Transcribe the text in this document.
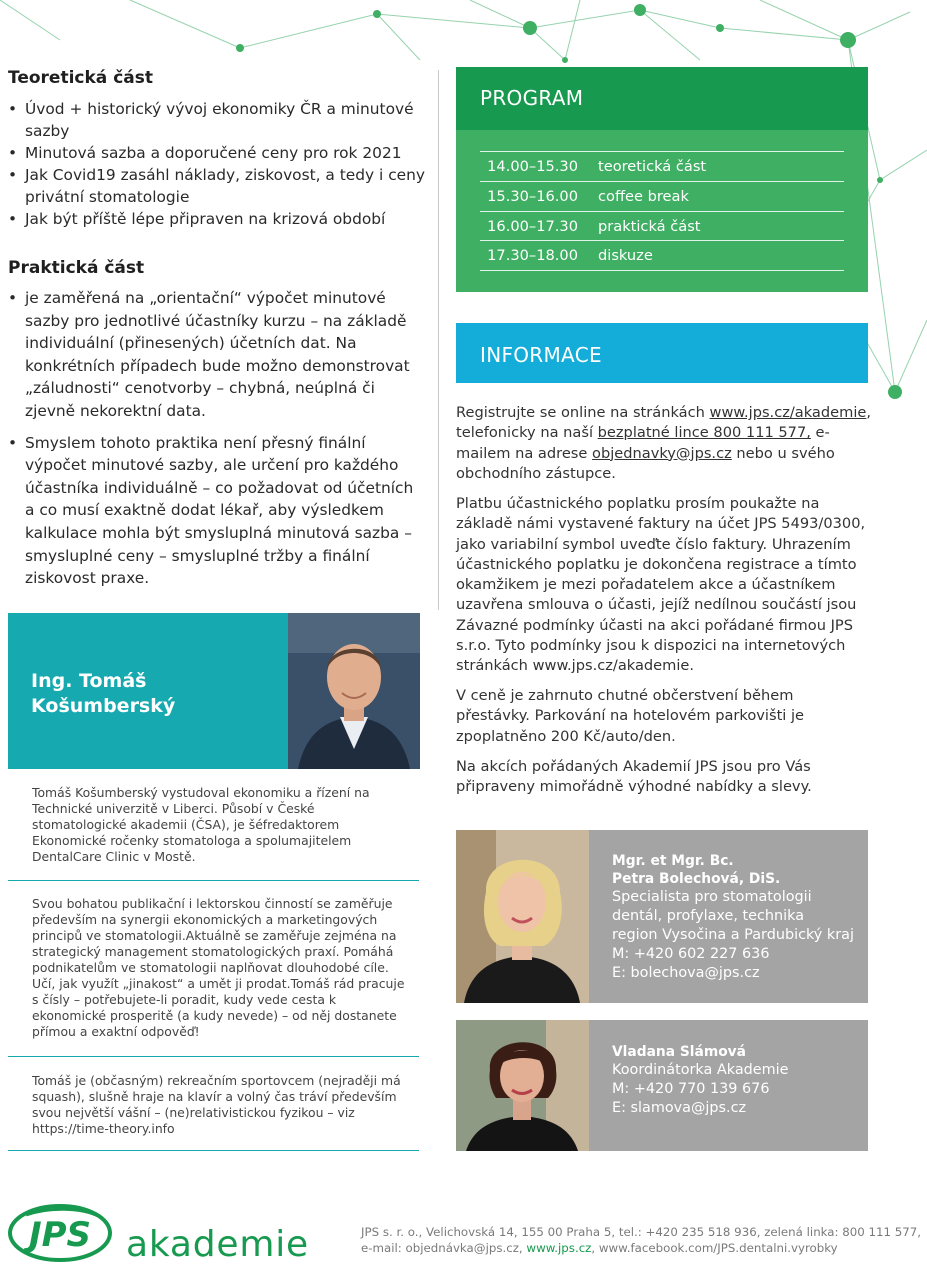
Teoretická část
• Úvod + historický vývoj ekonomiky ČR a minutové sazby
• Minutová sazba a doporučené ceny pro rok 2021
• Jak Covid19 zasáhl náklady, ziskovost, a tedy i ceny privátní stomatologie
• Jak být příště lépe připraven na krizová období
Praktická část
• je zaměřená na „orientační“ výpočet minutové sazby pro jednotlivé účastníky kurzu – na základě individuální (přinesených) účetních dat. Na konkrétních případech bude možno demonstrovat „záludnosti“ cenotvorby – chybná, neúplná či zjevně nekorektní data.
• Smyslem tohoto praktika není přesný finální výpočet minutové sazby, ale určení pro každého účastníka individuálně – co požadovat od účetních a co musí exaktně dodat lékař, aby výsledkem kalkulace mohla být smysluplná minutová sazba – smysluplné ceny – smysluplné tržby a finální ziskovost praxe.
Ing. Tomáš
Košumberský
Tomáš Košumberský vystudoval ekonomiku a řízení na Technické univerzitě v Liberci. Působí v České stomatologické akademii (ČSA), je šéfredaktorem Ekonomické ročenky stomatologa a spolumajitelem DentalCare Clinic v Mostě.
Svou bohatou publikační i lektorskou činností se zaměřuje především na synergii ekonomických a marketingových principů ve stomatologii.Aktuálně se zaměřuje zejména na strategický management stomatologických praxí. Pomáhá podnikatelům ve stomatologii naplňovat dlouhodobé cíle. Učí, jak využít „jinakost“ a umět ji prodat.Tomáš rád pracuje s čísly – potřebujete-li poradit, kudy vede cesta k ekonomické prosperitě (a kudy nevede) – od něj dostanete přímou a exaktní odpověď!
Tomáš je (občasným) rekreačním sportovcem (nejraději má squash), slušně hraje na klavír a volný čas tráví především svou největší vášní – (ne)relativistickou fyzikou – viz https://time-theory.info
PROGRAM
14.00–15.30 teoretická část
15.30–16.00 coffee break
16.00–17.30 praktická část
17.30–18.00 diskuze
INFORMACE
Registrujte se online na stránkách www.jps.cz/akademie, telefonicky na naší bezplatné lince 800 111 577, e-mailem na adrese objednavky@jps.cz nebo u svého obchodního zástupce.
Platbu účastnického poplatku prosím poukažte na základě námi vystavené faktury na účet JPS 5493/0300, jako variabilní symbol uveďte číslo faktury. Uhrazením účastnického poplatku je dokončena registrace a tímto okamžikem je mezi pořadatelem akce a účastníkem uzavřena smlouva o účasti, jejíž nedílnou součástí jsou Závazné podmínky účasti na akci pořádané firmou JPS s.r.o. Tyto podmínky jsou k dispozici na internetových stránkách www.jps.cz/akademie.
V ceně je zahrnuto chutné občerstvení během přestávky. Parkování na hotelovém parkovišti je zpoplatněno 200 Kč/auto/den.
Na akcích pořádaných Akademií JPS jsou pro Vás připraveny mimořádně výhodné nabídky a slevy.
Mgr. et Mgr. Bc.
Petra Bolechová, DiS.
Specialista pro stomatologii
dentál, profylaxe, technika
region Vysočina a Pardubický kraj
M: +420 602 227 636
E: bolechova@jps.cz
Vladana Slámová
Koordinátorka Akademie
M: +420 770 139 676
E: slamova@jps.cz
JPS akademie	JPS s. r. o., Velichovská 14, 155 00 Praha 5, tel.: +420 235 518 936, zelená linka: 800 111 577,
e-mail: objednávka@jps.cz, www.jps.cz, www.facebook.com/JPS.dentalni.vyrobky
